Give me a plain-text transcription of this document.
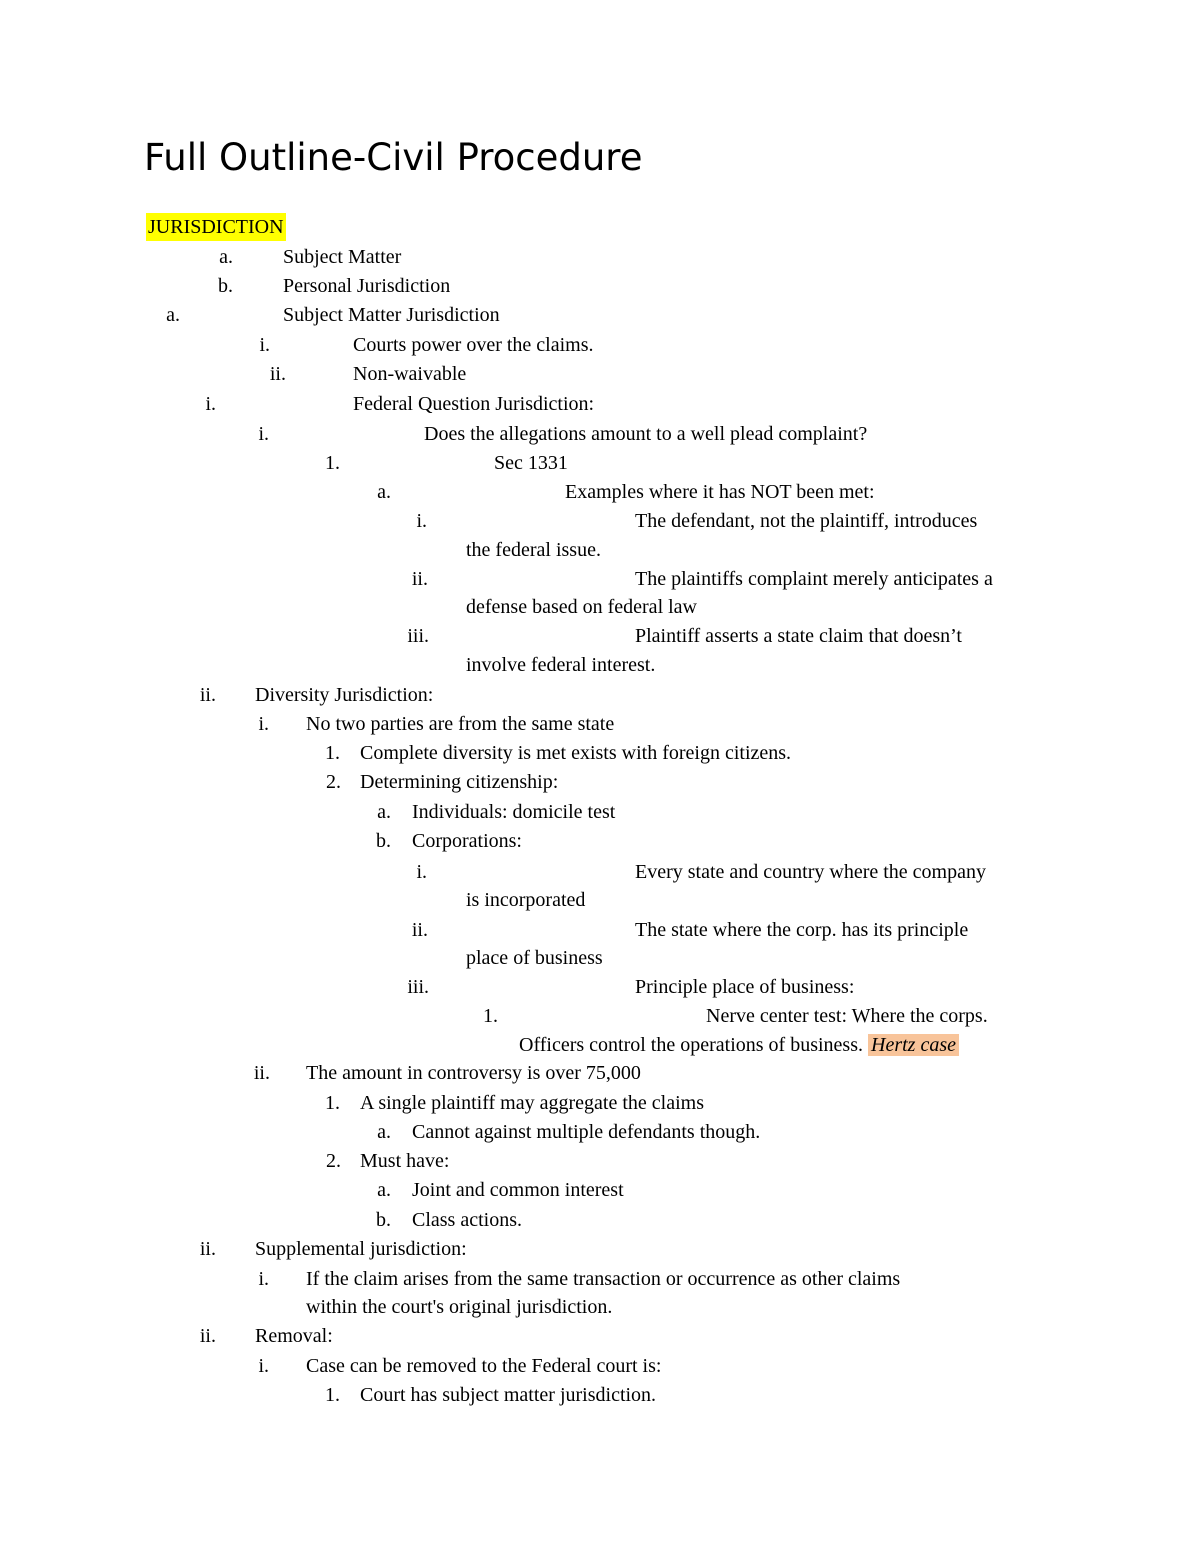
Full Outline-Civil Procedure
JURISDICTION
a.	Subject Matter
b.	Personal Jurisdiction
a.	Subject Matter Jurisdiction
i.	Courts power over the claims.
ii.	Non-waivable
i.	Federal Question Jurisdiction:
i.	Does the allegations amount to a well plead complaint?
1.	Sec 1331
a.	Examples where it has NOT been met:
i.	The defendant, not the plaintiff, introduces
the federal issue.
ii.	The plaintiffs complaint merely anticipates a
defense based on federal law
iii.	Plaintiff asserts a state claim that doesn’t
involve federal interest.
ii. Diversity Jurisdiction:
i. No two parties are from the same state
1. Complete diversity is met exists with foreign citizens.
2. Determining citizenship:
a. Individuals: domicile test
b. Corporations:
i.	Every state and country where the company
is incorporated
ii.	The state where the corp. has its principle
place of business
iii.	Principle place of business:
1.	Nerve center test: Where the corps.
Officers control the operations of business. Hertz case
ii. The amount in controversy is over 75,000
1. A single plaintiff may aggregate the claims
a. Cannot against multiple defendants though.
2. Must have:
a. Joint and common interest
b. Class actions.
ii. Supplemental jurisdiction:
i. If the claim arises from the same transaction or occurrence as other claims
within the court's original jurisdiction.
ii. Removal:
i. Case can be removed to the Federal court is:
1. Court has subject matter jurisdiction.
